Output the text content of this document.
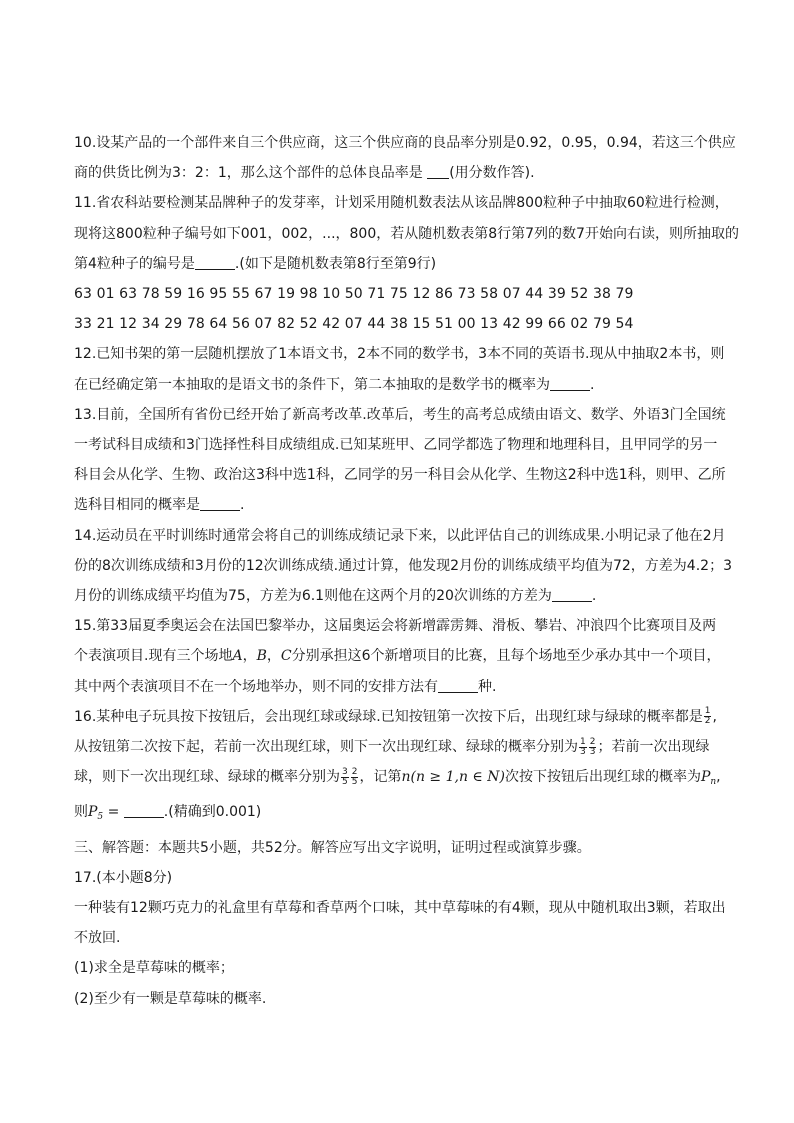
10.设某产品的一个部件来自三个供应商，这三个供应商的良品率分别是0.92，0.95，0.94，若这三个供应
商的供货比例为3：2：1，那么这个部件的总体良品率是 (用分数作答).
11.省农科站要检测某品牌种子的发芽率，计划采用随机数表法从该品牌800粒种子中抽取60粒进行检测，
现将这800粒种子编号如下001，002，...，800，若从随机数表第8行第7列的数7开始向右读，则所抽取的
第4粒种子的编号是	.(如下是随机数表第8行至第9行)
63 01 63 78 59 16 95 55 67 19 98 10 50 71 75 12 86 73 58 07 44 39 52 38 79
33 21 12 34 29 78 64 56 07 82 52 42 07 44 38 15 51 00 13 42 99 66 02 79 54
12.已知书架的第一层随机摆放了1本语文书，2本不同的数学书，3本不同的英语书.现从中抽取2本书，则
在已经确定第一本抽取的是语文书的条件下，第二本抽取的是数学书的概率为	.
13.目前，全国所有省份已经开始了新高考改革.改革后，考生的高考总成绩由语文、数学、外语3门全国统
一考试科目成绩和3门选择性科目成绩组成.已知某班甲、乙同学都选了物理和地理科目，且甲同学的另一
科目会从化学、生物、政治这3科中选1科，乙同学的另一科目会从化学、生物这2科中选1科，则甲、乙所
选科目相同的概率是	.
14.运动员在平时训练时通常会将自己的训练成绩记录下来，以此评估自己的训练成果.小明记录了他在2月
份的8次训练成绩和3月份的12次训练成绩.通过计算，他发现2月份的训练成绩平均值为72，方差为4.2；3
月份的训练成绩平均值为75，方差为6.1则他在这两个月的20次训练的方差为	.
15.第33届夏季奥运会在法国巴黎举办，这届奥运会将新增霹雳舞、滑板、攀岩、冲浪四个比赛项目及两
个表演项目.现有三个场地A，B，C分别承担这6个新增项目的比赛，且每个场地至少承办其中一个项目，
其中两个表演项目不在一个场地举办，则不同的安排方法有	种.
16.某种电子玩具按下按钮后，会出现红球或绿球.已知按钮第一次按下后，出现红球与绿球的概率都是 $\frac{1}{2}$ ,
从按钮第二次按下起，若前一次出现红球，则下一次出现红球、绿球的概率分别为 $\frac{1}{3} \frac{2}{3}$ ；若前一次出现绿
球，则下一次出现红球、绿球的概率分别为 $\frac{3}{5} \frac{2}{5}$ ，记第n(n ≥ 1,n ∈ N)次按下按钮后出现红球的概率为$P_n$,
则$P_5$ =	.(精确到0.001)
三、解答题：本题共5小题，共52分。解答应写出文字说明，证明过程或演算步骤。
17.(本小题8分)
一种装有12颗巧克力的礼盒里有草莓和香草两个口味，其中草莓味的有4颗，现从中随机取出3颗，若取出
不放回.
(1)求全是草莓味的概率；
(2)至少有一颗是草莓味的概率.
